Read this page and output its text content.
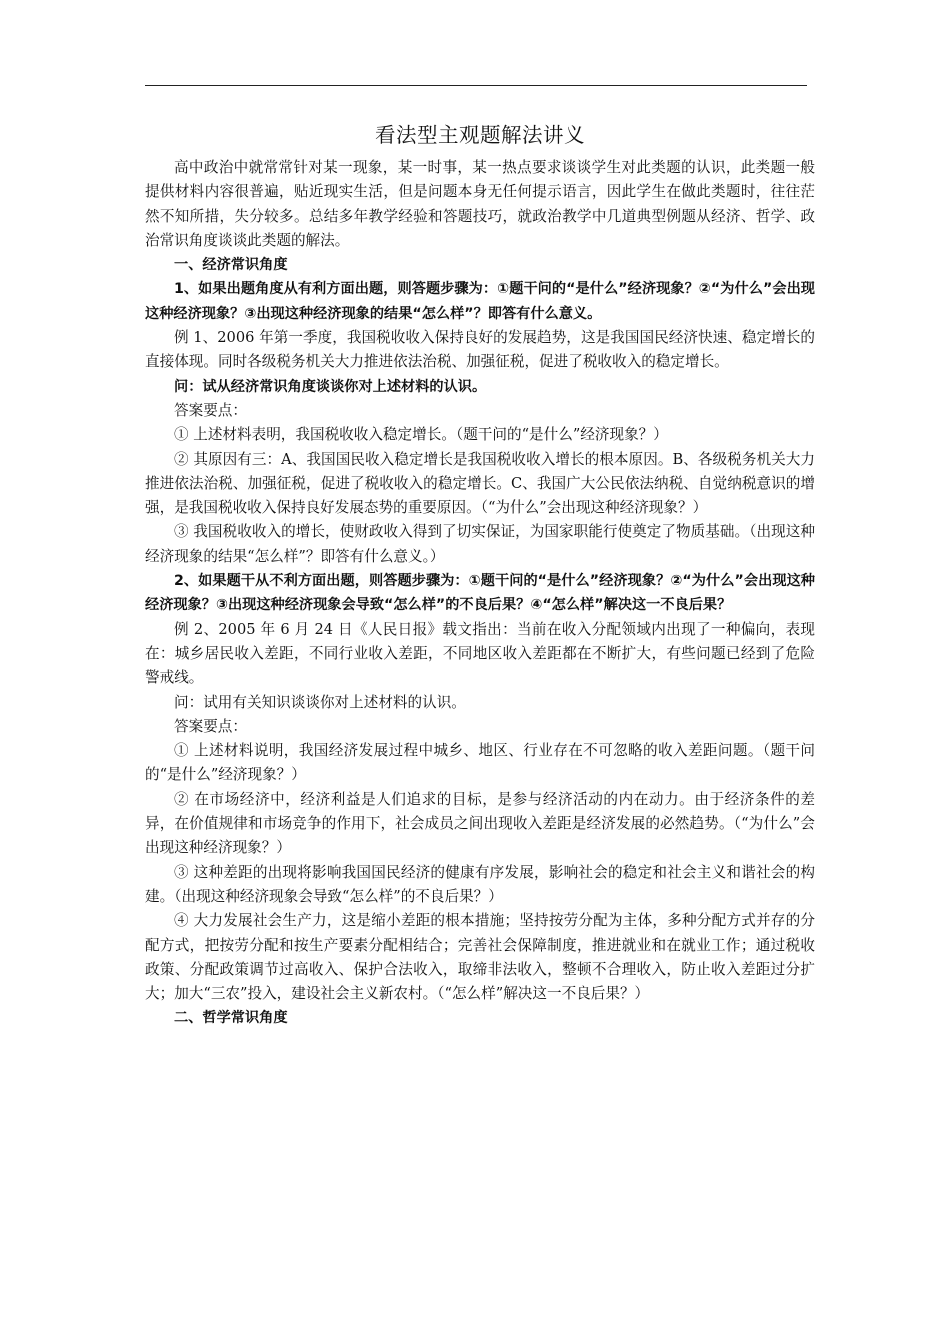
看法型主观题解法讲义

高中政治中就常常针对某一现象，某一时事，某一热点要求谈谈学生对此类题的认识，此类题一般提供材料内容很普遍，贴近现实生活，但是问题本身无任何提示语言，因此学生在做此类题时，往往茫然不知所措，失分较多。总结多年教学经验和答题技巧，就政治教学中几道典型例题从经济、哲学、政治常识角度谈谈此类题的解法。

一、经济常识角度

1、如果出题角度从有利方面出题，则答题步骤为：①题干问的“是什么”经济现象？②“为什么”会出现这种经济现象？③出现这种经济现象的结果“怎么样”？即答有什么意义。

例 1、2006 年第一季度，我国税收收入保持良好的发展趋势，这是我国国民经济快速、稳定增长的直接体现。同时各级税务机关大力推进依法治税、加强征税，促进了税收收入的稳定增长。

问：试从经济常识角度谈谈你对上述材料的认识。

答案要点：

① 上述材料表明，我国税收收入稳定增长。（题干问的“是什么”经济现象？）

② 其原因有三：A、我国国民收入稳定增长是我国税收收入增长的根本原因。B、各级税务机关大力推进依法治税、加强征税，促进了税收收入的稳定增长。C、我国广大公民依法纳税、自觉纳税意识的增强，是我国税收收入保持良好发展态势的重要原因。（“为什么”会出现这种经济现象？）

③ 我国税收收入的增长，使财政收入得到了切实保证，为国家职能行使奠定了物质基础。（出现这种经济现象的结果“怎么样”？即答有什么意义。）

2、如果题干从不利方面出题，则答题步骤为：①题干问的“是什么”经济现象？②“为什么”会出现这种经济现象？③出现这种经济现象会导致“怎么样”的不良后果？④“怎么样”解决这一不良后果？

例 2、2005 年 6 月 24 日《人民日报》载文指出：当前在收入分配领域内出现了一种偏向，表现在：城乡居民收入差距，不同行业收入差距，不同地区收入差距都在不断扩大，有些问题已经到了危险警戒线。

问：试用有关知识谈谈你对上述材料的认识。

答案要点：

① 上述材料说明，我国经济发展过程中城乡、地区、行业存在不可忽略的收入差距问题。（题干问的“是什么”经济现象？）

② 在市场经济中，经济利益是人们追求的目标，是参与经济活动的内在动力。由于经济条件的差异，在价值规律和市场竞争的作用下，社会成员之间出现收入差距是经济发展的必然趋势。（“为什么”会出现这种经济现象？）

③ 这种差距的出现将影响我国国民经济的健康有序发展，影响社会的稳定和社会主义和谐社会的构建。（出现这种经济现象会导致“怎么样”的不良后果？）

④ 大力发展社会生产力，这是缩小差距的根本措施；坚持按劳分配为主体，多种分配方式并存的分配方式，把按劳分配和按生产要素分配相结合；完善社会保障制度，推进就业和在就业工作；通过税收政策、分配政策调节过高收入、保护合法收入，取缔非法收入，整顿不合理收入，防止收入差距过分扩大；加大“三农”投入，建设社会主义新农村。（“怎么样”解决这一不良后果？）

二、哲学常识角度
